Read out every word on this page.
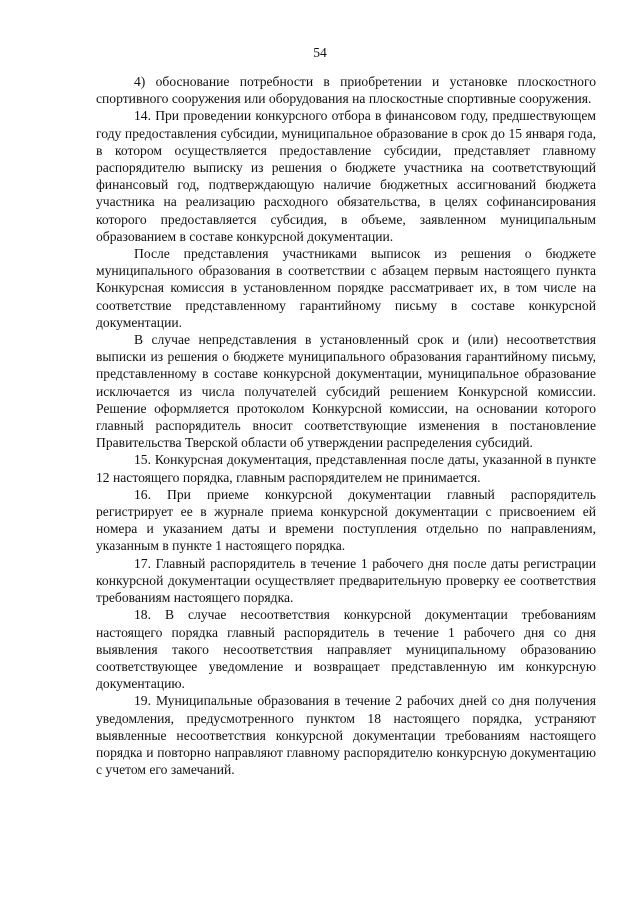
54

4) обоснование потребности в приобретении и установке плоскостного спортивного сооружения или оборудования на плоскостные спортивные сооружения.

14. При проведении конкурсного отбора в финансовом году, предшествующем году предоставления субсидии, муниципальное образование в срок до 15 января года, в котором осуществляется предоставление субсидии, представляет главному распорядителю выписку из решения о бюджете участника на соответствующий финансовый год, подтверждающую наличие бюджетных ассигнований бюджета участника на реализацию расходного обязательства, в целях софинансирования которого предоставляется субсидия, в объеме, заявленном муниципальным образованием в составе конкурсной документации.

После представления участниками выписок из решения о бюджете муниципального образования в соответствии с абзацем первым настоящего пункта Конкурсная комиссия в установленном порядке рассматривает их, в том числе на соответствие представленному гарантийному письму в составе конкурсной документации.

В случае непредставления в установленный срок и (или) несоответствия выписки из решения о бюджете муниципального образования гарантийному письму, представленному в составе конкурсной документации, муниципальное образование исключается из числа получателей субсидий решением Конкурсной комиссии. Решение оформляется протоколом Конкурсной комиссии, на основании которого главный распорядитель вносит соответствующие изменения в постановление Правительства Тверской области об утверждении распределения субсидий.

15. Конкурсная документация, представленная после даты, указанной в пункте 12 настоящего порядка, главным распорядителем не принимается.

16. При приеме конкурсной документации главный распорядитель регистрирует ее в журнале приема конкурсной документации с присвоением ей номера и указанием даты и времени поступления отдельно по направлениям, указанным в пункте 1 настоящего порядка.

17. Главный распорядитель в течение 1 рабочего дня после даты регистрации конкурсной документации осуществляет предварительную проверку ее соответствия требованиям настоящего порядка.

18. В случае несоответствия конкурсной документации требованиям настоящего порядка главный распорядитель в течение 1 рабочего дня со дня выявления такого несоответствия направляет муниципальному образованию соответствующее уведомление и возвращает представленную им конкурсную документацию.

19. Муниципальные образования в течение 2 рабочих дней со дня получения уведомления, предусмотренного пунктом 18 настоящего порядка, устраняют выявленные несоответствия конкурсной документации требованиям настоящего порядка и повторно направляют главному распорядителю конкурсную документацию с учетом его замечаний.
